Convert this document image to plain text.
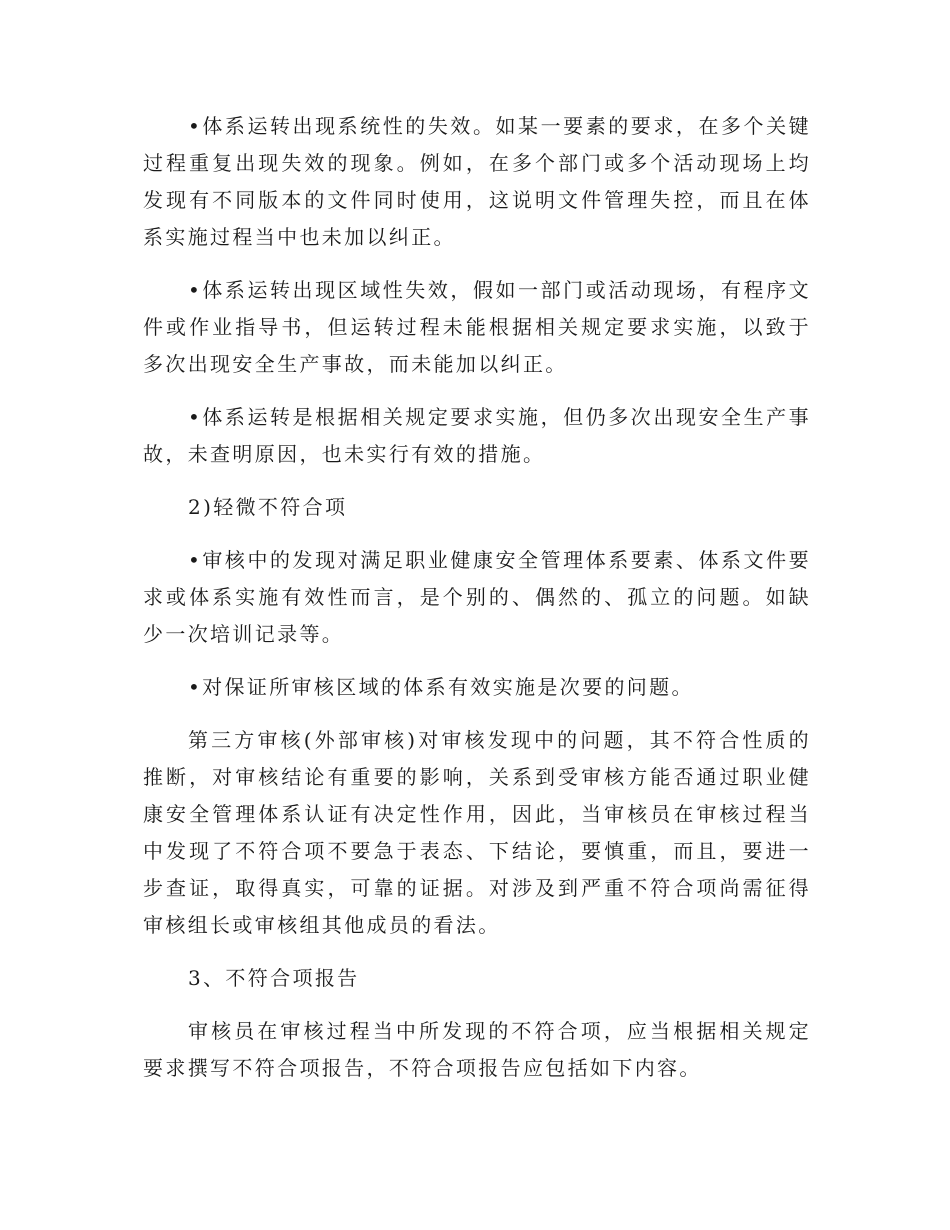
•体系运转出现系统性的失效。如某一要素的要求，在多个关键过程重复出现失效的现象。例如，在多个部门或多个活动现场上均发现有不同版本的文件同时使用，这说明文件管理失控，而且在体系实施过程当中也未加以纠正。

•体系运转出现区域性失效，假如一部门或活动现场，有程序文件或作业指导书，但运转过程未能根据相关规定要求实施，以致于多次出现安全生产事故，而未能加以纠正。

•体系运转是根据相关规定要求实施，但仍多次出现安全生产事故，未查明原因，也未实行有效的措施。

2)轻微不符合项

•审核中的发现对满足职业健康安全管理体系要素、体系文件要求或体系实施有效性而言，是个别的、偶然的、孤立的问题。如缺少一次培训记录等。

•对保证所审核区域的体系有效实施是次要的问题。

第三方审核(外部审核)对审核发现中的问题，其不符合性质的推断，对审核结论有重要的影响，关系到受审核方能否通过职业健康安全管理体系认证有决定性作用，因此，当审核员在审核过程当中发现了不符合项不要急于表态、下结论，要慎重，而且，要进一步查证，取得真实，可靠的证据。对涉及到严重不符合项尚需征得审核组长或审核组其他成员的看法。

3、不符合项报告

审核员在审核过程当中所发现的不符合项，应当根据相关规定要求撰写不符合项报告，不符合项报告应包括如下内容。
